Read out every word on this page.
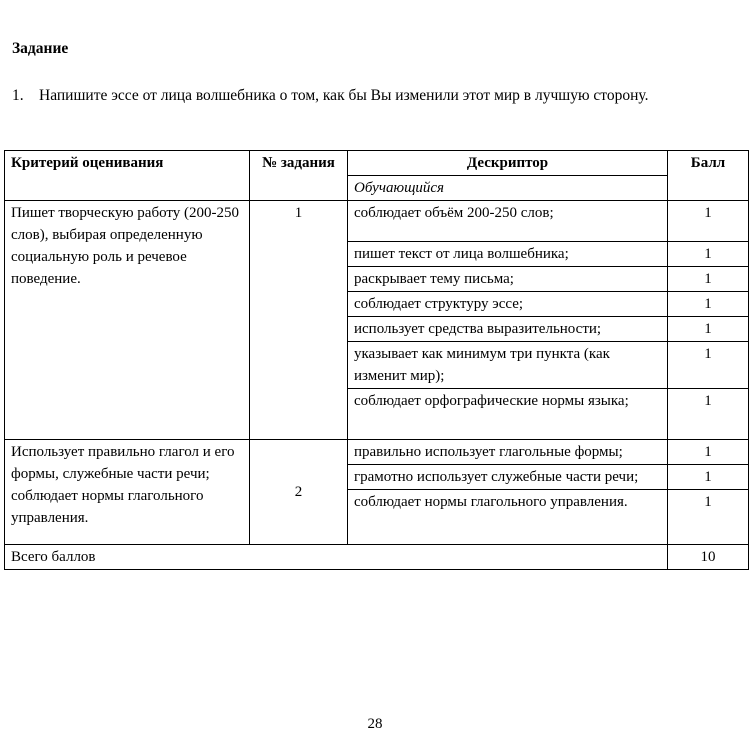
Задание
1. Напишите эссе от лица волшебника о том, как бы Вы изменили этот мир в лучшую сторону.
Критерий оценивания	№ задания	Дескриптор	Балл
		Обучающийся	
Пишет творческую работу (200-250 слов), выбирая определенную социальную роль и речевое поведение.	1	соблюдает объём 200-250 слов;	1
		пишет текст от лица волшебника;	1
		раскрывает тему письма;	1
		соблюдает структуру эссе;	1
		использует средства выразительности;	1
		указывает как минимум три пункта (как изменит мир);	1
		соблюдает орфографические нормы языка;	1
Использует правильно глагол и его формы, служебные части речи; соблюдает нормы глагольного управления.	2	правильно использует глагольные формы;	1
		грамотно использует служебные части речи;	1
		соблюдает нормы глагольного управления.	1
Всего баллов			10
28
